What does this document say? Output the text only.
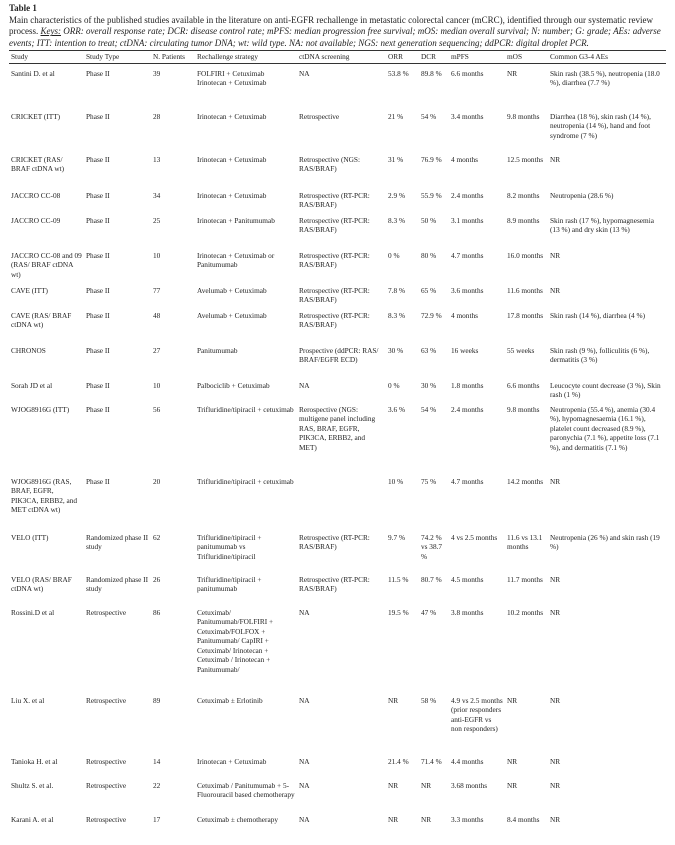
Table 1
Main characteristics of the published studies available in the literature on anti-EGFR rechallenge in metastatic colorectal cancer (mCRC), identified through our systematic review process. Keys: ORR: overall response rate; DCR: disease control rate; mPFS: median progression free survival; mOS: median overall survival; N: number; G: grade; AEs: adverse events; ITT: intention to treat; ctDNA: circulating tumor DNA; wt: wild type. NA: not available; NGS: next generation sequencing; ddPCR: digital droplet PCR.
Study	Study Type	N. Patients	Rechallenge strategy	ctDNA screening	ORR	DCR	mPFS	mOS	Common G3-4 AEs

Santini D. et al	Phase II	39	FOLFIRI + Cetuximab Irinotecan + Cetuximab	NA	53.8 %	89.8 %	6.6 months	NR	Skin rash (38.5 %), neutropenia (18.0 %), diarrhea (7.7 %)

CRICKET (ITT)	Phase II	28	Irinotecan + Cetuximab	Retrospective	21 %	54 %	3.4 months	9.8 months	Diarrhea (18 %), skin rash (14 %), neutropenia (14 %), hand and foot syndrome (7 %)

CRICKET (RAS/ BRAF ctDNA wt)	Phase II	13	Irinotecan + Cetuximab	Retrospective (NGS: RAS/BRAF)	31 %	76.9 %	4 months	12.5 months	NR

JACCRO CC-08	Phase II	34	Irinotecan + Cetuximab	Retrospective (RT-PCR: RAS/BRAF)	2.9 %	55.9 %	2.4 months	8.2 months	Neutropenia (28.6 %)

JACCRO CC-09	Phase II	25	Irinotecan + Panitumumab	Retrospective (RT-PCR: RAS/BRAF)	8.3 %	50 %	3.1 months	8.9 months	Skin rash (17 %), hypomagnesemia (13 %) and dry skin (13 %)

JACCRO CC-08 and 09 (RAS/ BRAF ctDNA wt)	Phase II	10	Irinotecan + Cetuximab or Panitumumab	Retrospective (RT-PCR: RAS/BRAF)	0 %	80 %	4.7 months	16.0 months	NR

CAVE (ITT)	Phase II	77	Avelumab + Cetuximab	Retrospective (RT-PCR: RAS/BRAF)	7.8 %	65 %	3.6 months	11.6 months	NR

CAVE (RAS/ BRAF ctDNA wt)	Phase II	48	Avelumab + Cetuximab	Retrospective (RT-PCR: RAS/BRAF)	8.3 %	72.9 %	4 months	17.8 months	Skin rash (14 %), diarrhea (4 %)

CHRONOS	Phase II	27	Panitumumab	Prospective (ddPCR: RAS/ BRAF/EGFR ECD)	30 %	63 %	16 weeks	55 weeks	Skin rash (9 %), folliculitis (6 %), dermatitis (3 %)

Sorah JD et al	Phase II	10	Palbociclib + Cetuximab	NA	0 %	30 %	1.8 months	6.6 months	Leucocyte count decrease (3 %), Skin rash (1 %)

WJOG8916G (ITT)	Phase II	56	Trifluridine/tipiracil + cetuximab	Rerospective (NGS: multigene panel including RAS, BRAF, EGFR, PIK3CA, ERBB2, and MET)	3.6 %	54 %	2.4 months	9.8 months	Neutropenia (55.4 %), anemia (30.4 %), hypomagnesaemia (16.1 %), platelet count decreased (8.9 %), paronychia (7.1 %), appetite loss (7.1 %), and dermatitis (7.1 %)

WJOG8916G (RAS, BRAF, EGFR, PIK3CA, ERBB2, and MET ctDNA wt)	Phase II	20	Trifluridine/tipiracil + cetuximab		10 %	75 %	4.7 months	14.2 months	NR

VELO (ITT)	Randomized phase II study	62	Trifluridine/tipiracil + panitumumab vs Trifluridine/tipiracil	Retrospective (RT-PCR: RAS/BRAF)	9.7 %	74.2 % vs 38.7 %	4 vs 2.5 months	11.6 vs 13.1 months	Neutropenia (26 %) and skin rash (19 %)

VELO (RAS/ BRAF ctDNA wt)	Randomized phase II study	26	Trifluridine/tipiracil + panitumumab	Retrospective (RT-PCR: RAS/BRAF)	11.5 %	80.7 %	4.5 months	11.7 months	NR

Rossini.D et al	Retrospective	86	Cetuximab/ Panitumumab/FOLFIRI + Cetuximab/FOLFOX + Panitumumab/ CapIRI + Cetuximab/ Irinotecan + Cetuximab / Irinotecan + Panitumumab/	NA	19.5 %	47 %	3.8 months	10.2 months	NR

Liu X. et al	Retrospective	89	Cetuximab ± Erlotinib	NA	NR	58 %	4.9 vs 2.5 months (prior responders anti-EGFR vs non responders)	NR	NR

Tanioka H. et al	Retrospective	14	Irinotecan + Cetuximab	NA	21.4 %	71.4 %	4.4 months	NR	NR

Shultz S. et al.	Retrospective	22	Cetuximab / Panitumumab + 5-Fluorouracil based chemotherapy	NA	NR	NR	3.68 months	NR	NR

Karani A. et al	Retrospective	17	Cetuximab ± chemotherapy	NA	NR	NR	3.3 months	8.4 months	NR
